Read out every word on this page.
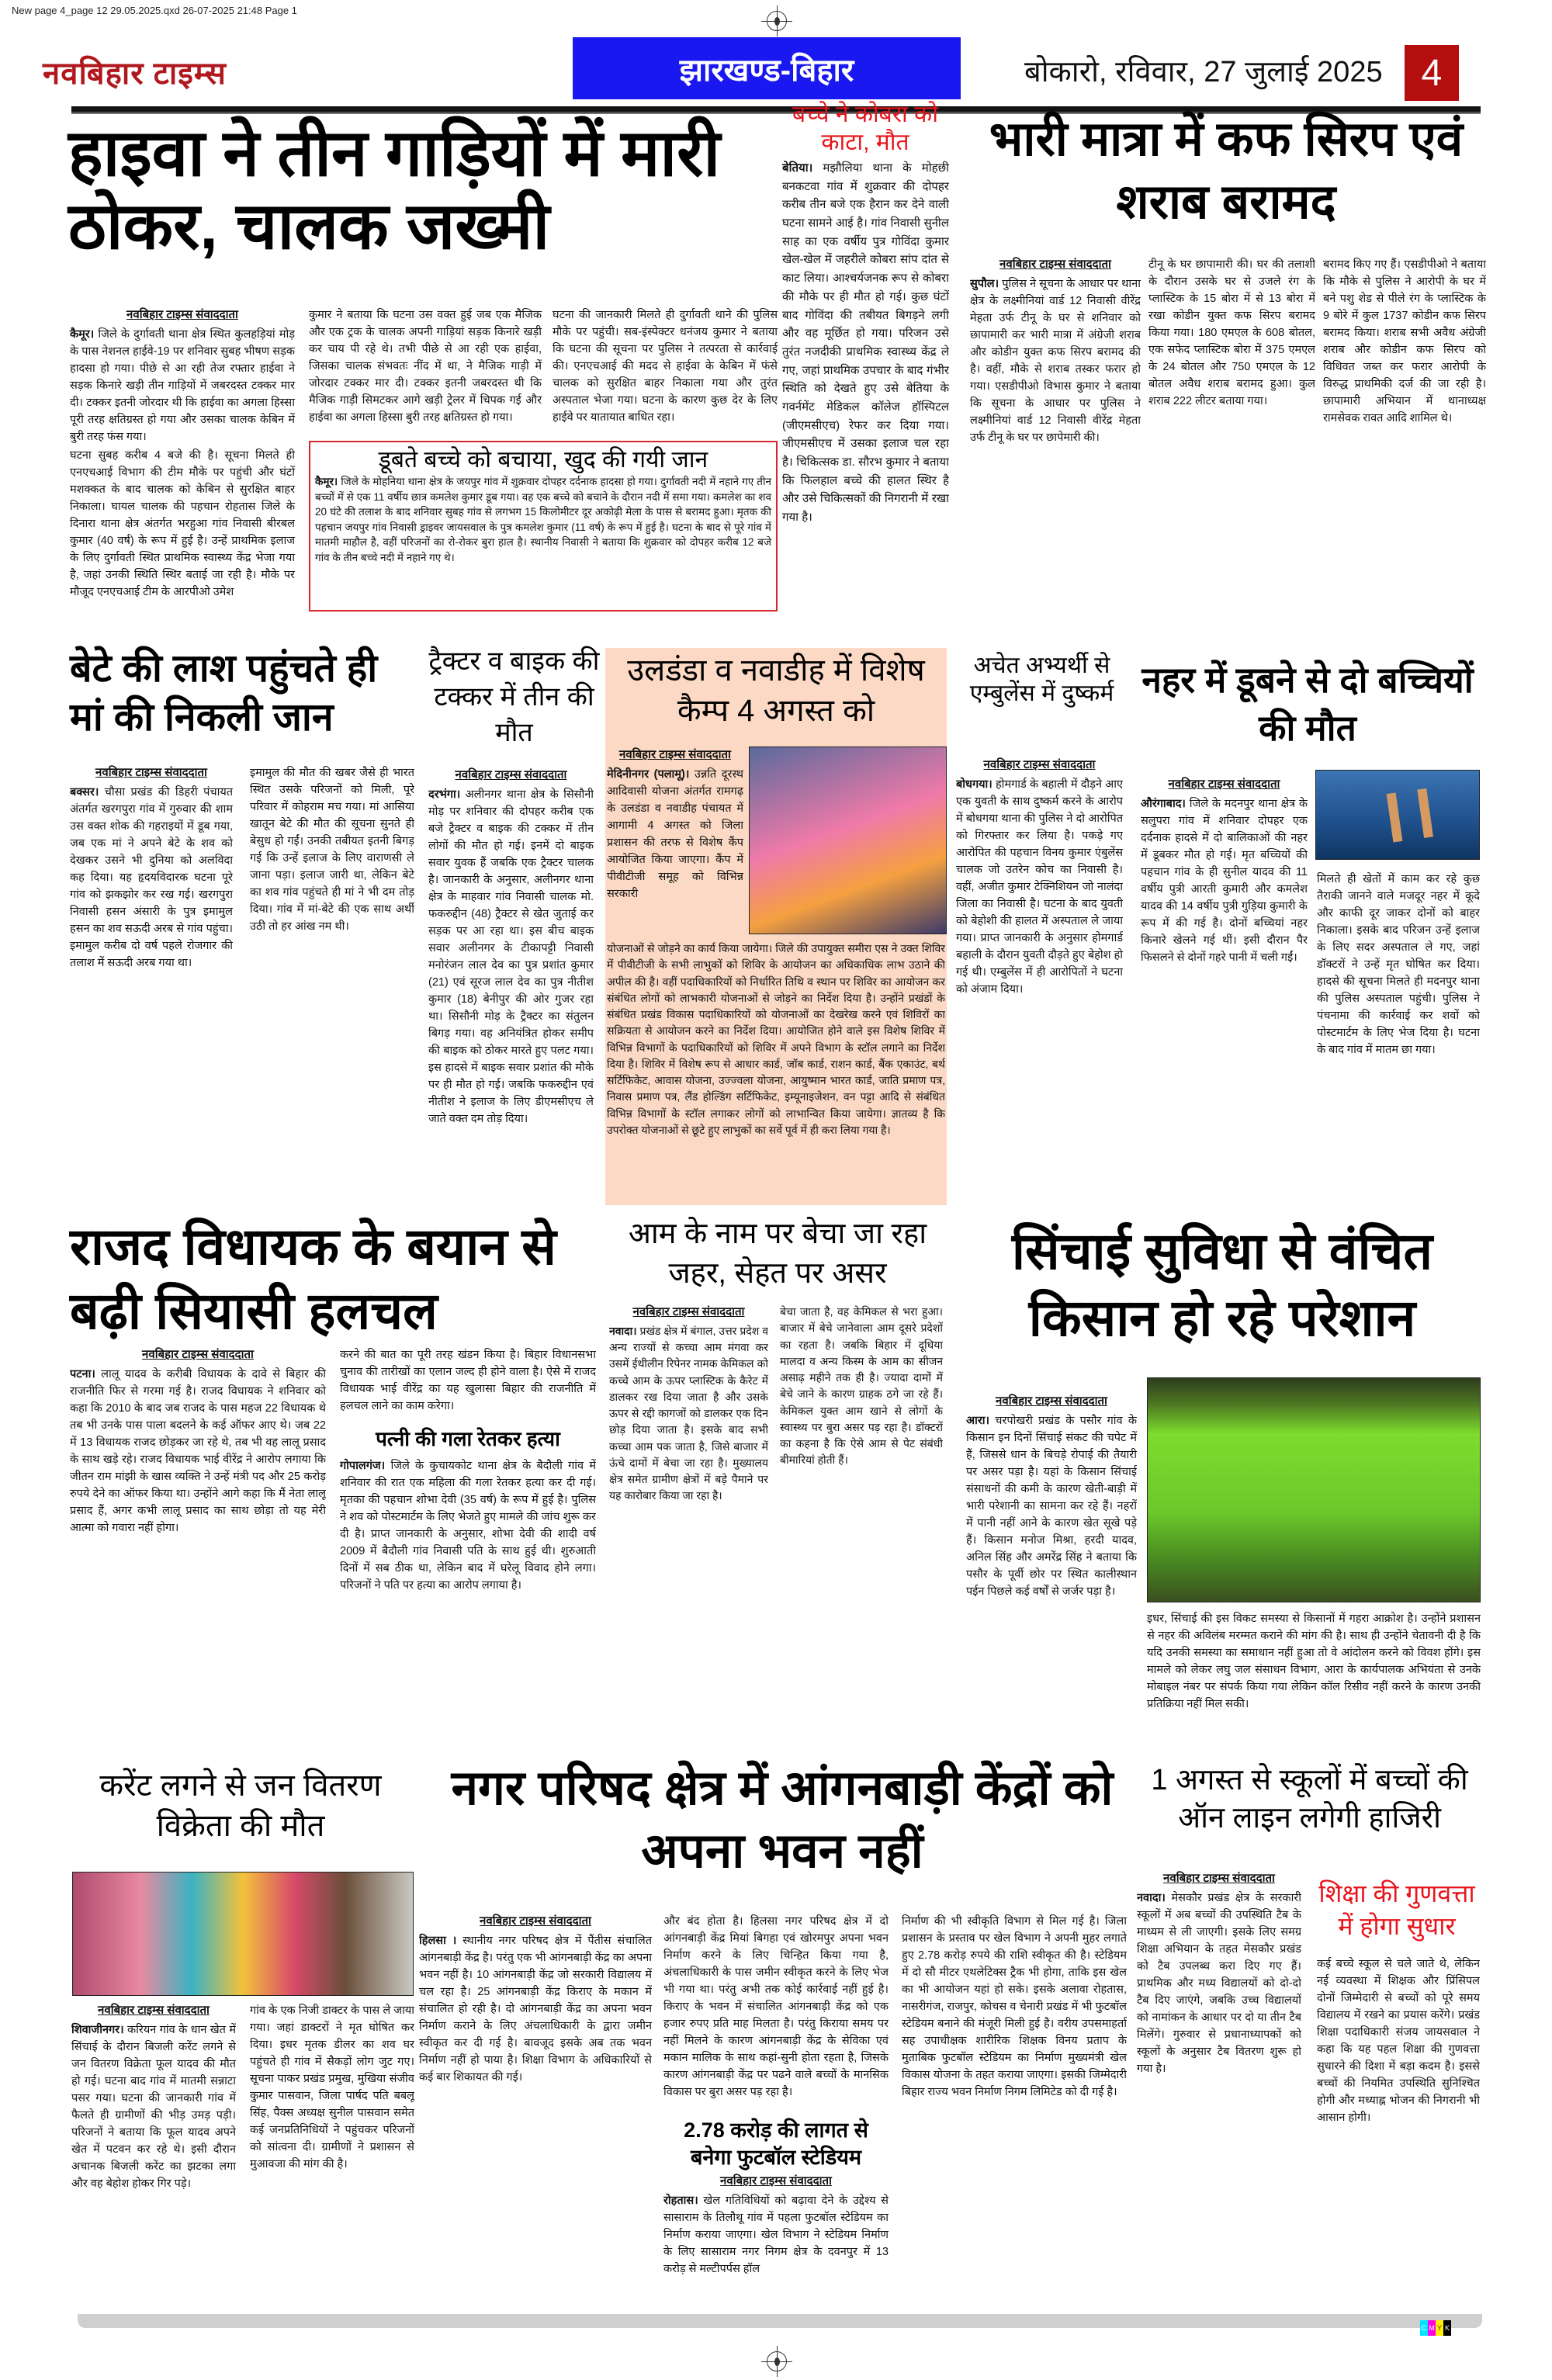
New page 4_page 12 29.05.2025.qxd 26-07-2025 21:48 Page 1
नवबिहार टाइम्स	झारखण्ड-बिहार	बोकारो, रविवार, 27 जुलाई 2025	4
हाइवा ने तीन गाड़ियों में मारी ठोकर, चालक जख्मी
नवबिहार टाइम्स संवाददाता

कैमूर। जिले के दुर्गावती थाना क्षेत्र स्थित कुलहड़ियां मोड़ के पास नेशनल हाईवे-19 पर शनिवार सुबह भीषण सड़क हादसा हो गया। पीछे से आ रही तेज रफ्तार हाईवा ने सड़क किनारे खड़ी तीन गाड़ियों में जबरदस्त टक्कर मार दी। टक्कर इतनी जोरदार थी कि हाईवा का अगला हिस्सा पूरी तरह क्षतिग्रस्त हो गया और उसका चालक केबिन में बुरी तरह फंस गया।

घटना सुबह करीब 4 बजे की है। सूचना मिलते ही एनएचआई विभाग की टीम मौके पर पहुंची और घंटों मशक्कत के बाद चालक को केबिन से सुरक्षित बाहर निकाला। घायल चालक की पहचान रोहतास जिले के दिनारा थाना क्षेत्र अंतर्गत भरहुआ गांव निवासी बीरबल कुमार (40 वर्ष) के रूप में हुई है। उन्हें प्राथमिक इलाज के लिए दुर्गावती स्थित प्राथमिक स्वास्थ्य केंद्र भेजा गया है, जहां उनकी स्थिति स्थिर बताई जा रही है। मौके पर मौजूद एनएचआई टीम के आरपीओ उमेश

कुमार ने बताया कि घटना उस वक्त हुई जब एक मैजिक और एक ट्रक के चालक अपनी गाड़ियां सड़क किनारे खड़ी कर चाय पी रहे थे। तभी पीछे से आ रही एक हाईवा, जिसका चालक संभवतः नींद में था, ने मैजिक गाड़ी में जोरदार टक्कर मार दी। टक्कर इतनी जबरदस्त थी कि मैजिक गाड़ी सिमटकर आगे खड़ी ट्रेलर में चिपक गई और हाईवा का अगला हिस्सा बुरी तरह क्षतिग्रस्त हो गया।
घटना की जानकारी मिलते ही दुर्गावती थाने की पुलिस मौके पर पहुंची। सब-इंस्पेक्टर धनंजय कुमार ने बताया कि घटना की सूचना पर पुलिस ने तत्परता से कार्रवाई की। एनएचआई की मदद से हाईवा के केबिन में फंसे चालक को सुरक्षित बाहर निकाला गया और तुरंत अस्पताल भेजा गया। घटना के कारण कुछ देर के लिए हाईवे पर यातायात बाधित रहा।
डूबते बच्चे को बचाया, खुद की गयी जान
कैमूर। जिले के मोहनिया थाना क्षेत्र के जयपुर गांव में शुक्रवार दोपहर दर्दनाक हादसा हो गया। दुर्गावती नदी में नहाने गए तीन बच्चों में से एक 11 वर्षीय छात्र कमलेश कुमार डूब गया। वह एक बच्चे को बचाने के दौरान नदी में समा गया। कमलेश का शव 20 घंटे की तलाश के बाद शनिवार सुबह गांव से लगभग 15 किलोमीटर दूर अकोढ़ी मेला के पास से बरामद हुआ। मृतक की पहचान जयपुर गांव निवासी ड्राइवर जायसवाल के पुत्र कमलेश कुमार (11 वर्ष) के रूप में हुई है। घटना के बाद से पूरे गांव में मातमी माहौल है, वहीं परिजनों का रो-रोकर बुरा हाल है। स्थानीय निवासी ने बताया कि शुक्रवार को दोपहर करीब 12 बजे गांव के तीन बच्चे नदी में नहाने गए थे।
बच्चे ने कोबरा को काटा, मौत
बेतिया। मझौलिया थाना के मोहछी बनकटवा गांव में शुक्रवार की दोपहर करीब तीन बजे एक हैरान कर देने वाली घटना सामने आई है। गांव निवासी सुनील साह का एक वर्षीय पुत्र गोविंदा कुमार खेल-खेल में जहरीले कोबरा सांप दांत से काट लिया। आश्चर्यजनक रूप से कोबरा की मौके पर ही मौत हो गई। कुछ घंटों बाद गोविंदा की तबीयत बिगड़ने लगी और वह मूर्छित हो गया। परिजन उसे तुरंत नजदीकी प्राथमिक स्वास्थ्य केंद्र ले गए, जहां प्राथमिक उपचार के बाद गंभीर स्थिति को देखते हुए उसे बेतिया के गवर्नमेंट मेडिकल कॉलेज हॉस्पिटल (जीएमसीएच) रेफर कर दिया गया। जीएमसीएच में उसका इलाज चल रहा है। चिकित्सक डा. सौरभ कुमार ने बताया कि फिलहाल बच्चे की हालत स्थिर है और उसे चिकित्सकों की निगरानी में रखा गया है।
भारी मात्रा में कफ सिरप एवं शराब बरामद
नवबिहार टाइम्स संवाददाता
सुपौल। पुलिस ने सूचना के आधार पर थाना क्षेत्र के लक्ष्मीनियां वार्ड 12 निवासी वीरेंद्र मेहता उर्फ टीनू के घर से शनिवार को छापामारी कर भारी मात्रा में अंग्रेजी शराब और कोडीन युक्त कफ सिरप बरामद की है। वहीं, मौके से शराब तस्कर फरार हो गया। एसडीपीओ विभास कुमार ने बताया कि सूचना के आधार पर पुलिस ने लक्ष्मीनियां वार्ड 12 निवासी वीरेंद्र मेहता उर्फ टीनू के घर पर छापेमारी की।
टीनू के घर छापामारी की। घर की तलाशी के दौरान उसके घर से उजले रंग के प्लास्टिक के 15 बोरा में से 13 बोरा में रखा कोडीन युक्त कफ सिरप बरामद किया गया। 180 एमएल के 608 बोतल, एक सफेद प्लास्टिक बोरा में 375 एमएल के 24 बोतल और 750 एमएल के 12 बोतल अवैध शराब बरामद हुआ। कुल शराब 222 लीटर बताया गया।
बरामद किए गए हैं। एसडीपीओ ने बताया कि मौके से पुलिस ने आरोपी के घर में बने पशु शेड से पीले रंग के प्लास्टिक के 9 बोरे में कुल 1737 कोडीन कफ सिरप बरामद किया। शराब सभी अवैध अंग्रेजी शराब और कोडीन कफ सिरप को विधिवत जब्त कर फरार आरोपी के विरुद्ध प्राथमिकी दर्ज की जा रही है। छापामारी अभियान में थानाध्यक्ष रामसेवक रावत आदि शामिल थे।
बेटे की लाश पहुंचते ही मां की निकली जान
नवबिहार टाइम्स संवाददाता
बक्सर। चौसा प्रखंड की डिहरी पंचायत अंतर्गत खरगपुरा गांव में गुरुवार की शाम उस वक्त शोक की गहराइयों में डूब गया, जब एक मां ने अपने बेटे के शव को देखकर उसने भी दुनिया को अलविदा कह दिया। यह हृदयविदारक घटना पूरे गांव को झकझोर कर रख गई। खरगपुरा निवासी हसन अंसारी के पुत्र इमामुल हसन का शव सऊदी अरब से गांव पहुंचा। इमामुल करीब दो वर्ष पहले रोजगार की तलाश में सऊदी अरब गया था।
इमामुल की मौत की खबर जैसे ही भारत स्थित उसके परिजनों को मिली, पूरे परिवार में कोहराम मच गया। मां आसिया खातून बेटे की मौत की सूचना सुनते ही बेसुध हो गईं। उनकी तबीयत इतनी बिगड़ गई कि उन्हें इलाज के लिए वाराणसी ले जाना पड़ा। इलाज जारी था, लेकिन बेटे का शव गांव पहुंचते ही मां ने भी दम तोड़ दिया। गांव में मां-बेटे की एक साथ अर्थी उठी तो हर आंख नम थी।
ट्रैक्टर व बाइक की टक्कर में तीन की मौत
नवबिहार टाइम्स संवाददाता
दरभंगा। अलीनगर थाना क्षेत्र के सिसौनी मोड़ पर शनिवार की दोपहर करीब एक बजे ट्रैक्टर व बाइक की टक्कर में तीन लोगों की मौत हो गई। इनमें दो बाइक सवार युवक हैं जबकि एक ट्रैक्टर चालक है। जानकारी के अनुसार, अलीनगर थाना क्षेत्र के माहवार गांव निवासी चालक मो. फकरुद्दीन (48) ट्रैक्टर से खेत जुताई कर सड़क पर आ रहा था। इस बीच बाइक सवार अलीनगर के टीकापट्टी निवासी मनोरंजन लाल देव का पुत्र प्रशांत कुमार (21) एवं सूरज लाल देव का पुत्र नीतीश कुमार (18) बेनीपुर की ओर गुजर रहा था। सिसौनी मोड़ के ट्रैक्टर का संतुलन बिगड़ गया। वह अनियंत्रित होकर समीप की बाइक को ठोकर मारते हुए पलट गया। इस हादसे में बाइक सवार प्रशांत की मौके पर ही मौत हो गई। जबकि फकरुद्दीन एवं नीतीश ने इलाज के लिए डीएमसीएच ले जाते वक्त दम तोड़ दिया।
उलडंडा व नवाडीह में विशेष कैम्प 4 अगस्त को
नवबिहार टाइम्स संवाददाता
मेदिनीनगर (पलामू)। उन्नति दूरस्थ आदिवासी योजना अंतर्गत रामगढ़ के उलडंडा व नवाडीह पंचायत में आगामी 4 अगस्त को जिला प्रशासन की तरफ से विशेष कैंप आयोजित किया जाएगा। कैंप में पीवीटीजी समूह को विभिन्न सरकारी
योजनाओं से जोड़ने का कार्य किया जायेगा। जिले की उपायुक्त समीरा एस ने उक्त शिविर में पीवीटीजी के सभी लाभुकों को शिविर के आयोजन का अधिकाधिक लाभ उठाने की अपील की है। वहीं पदाधिकारियों को निर्धारित तिथि व स्थान पर शिविर का आयोजन कर संबंधित लोगों को लाभकारी योजनाओं से जोड़ने का निर्देश दिया है। उन्होंने प्रखंडों के संबंधित प्रखंड विकास पदाधिकारियों को योजनाओं का देखरेख करने एवं शिविरों का सक्रियता से आयोजन करने का निर्देश दिया। आयोजित होने वाले इस विशेष शिविर में विभिन्न विभागों के पदाधिकारियों को शिविर में अपने विभाग के स्टॉल लगाने का निर्देश दिया है। शिविर में विशेष रूप से आधार कार्ड, जॉब कार्ड, राशन कार्ड, बैंक एकाउंट, बर्थ सर्टिफिकेट, आवास योजना, उज्ज्वला योजना, आयुष्मान भारत कार्ड, जाति प्रमाण पत्र, निवास प्रमाण पत्र, लैंड होल्डिंग सर्टिफिकेट, इम्यूनाइजेशन, वन पट्टा आदि से संबंधित विभिन्न विभागों के स्टॉल लगाकर लोगों को लाभान्वित किया जायेगा। ज्ञातव्य है कि उपरोक्त योजनाओं से छूटे हुए लाभुकों का सर्वे पूर्व में ही करा लिया गया है।
अचेत अभ्यर्थी से एम्बुलेंस में दुष्कर्म
नवबिहार टाइम्स संवाददाता
बोधगया। होमगार्ड के बहाली में दौड़ने आए एक युवती के साथ दुष्कर्म करने के आरोप में बोधगया थाना की पुलिस ने दो आरोपित को गिरफ्तार कर लिया है। पकड़े गए आरोपित की पहचान विनय कुमार एंबुलेंस चालक जो उतरेन कोच का निवासी है। वहीं, अजीत कुमार टेक्निशियन जो नालंदा जिला का निवासी है। घटना के बाद युवती को बेहोशी की हालत में अस्पताल ले जाया गया। प्राप्त जानकारी के अनुसार होमगार्ड बहाली के दौरान युवती दौड़ते हुए बेहोश हो गई थी। एम्बुलेंस में ही आरोपितों ने घटना को अंजाम दिया।
नहर में डूबने से दो बच्चियों की मौत
नवबिहार टाइम्स संवाददाता
औरंगाबाद। जिले के मदनपुर थाना क्षेत्र के सलुपरा गांव में शनिवार दोपहर एक दर्दनाक हादसे में दो बालिकाओं की नहर में डूबकर मौत हो गई। मृत बच्चियों की पहचान गांव के ही सुनील यादव की 11 वर्षीय पुत्री आरती कुमारी और कमलेश यादव की 14 वर्षीय पुत्री गुड़िया कुमारी के रूप में की गई है। दोनों बच्चियां नहर किनारे खेलने गई थीं। इसी दौरान पैर फिसलने से दोनों गहरे पानी में चली गईं।
मिलते ही खेतों में काम कर रहे कुछ तैराकी जानने वाले मजदूर नहर में कूदे और काफी दूर जाकर दोनों को बाहर निकाला। इसके बाद परिजन उन्हें इलाज के लिए सदर अस्पताल ले गए, जहां डॉक्टरों ने उन्हें मृत घोषित कर दिया। हादसे की सूचना मिलते ही मदनपुर थाना की पुलिस अस्पताल पहुंची। पुलिस ने पंचनामा की कार्रवाई कर शवों को पोस्टमार्टम के लिए भेज दिया है। घटना के बाद गांव में मातम छा गया।
राजद विधायक के बयान से बढ़ी सियासी हलचल
नवबिहार टाइम्स संवाददाता
पटना। लालू यादव के करीबी विधायक के दावे से बिहार की राजनीति फिर से गरमा गई है। राजद विधायक ने शनिवार को कहा कि 2010 के बाद जब राजद के पास महज 22 विधायक थे तब भी उनके पास पाला बदलने के कई ऑफर आए थे। जब 22 में 13 विधायक राजद छोड़कर जा रहे थे, तब भी वह लालू प्रसाद के साथ खड़े रहे। राजद विधायक भाई वीरेंद्र ने आरोप लगाया कि जीतन राम मांझी के खास व्यक्ति ने उन्हें मंत्री पद और 25 करोड़ रुपये देने का ऑफर किया था। उन्होंने आगे कहा कि मैं नेता लालू प्रसाद हैं, अगर कभी लालू प्रसाद का साथ छोड़ा तो यह मेरी आत्मा को गवारा नहीं होगा।
करने की बात का पूरी तरह खंडन किया है। बिहार विधानसभा चुनाव की तारीखों का एलान जल्द ही होने वाला है। ऐसे में राजद विधायक भाई वीरेंद्र का यह खुलासा बिहार की राजनीति में हलचल लाने का काम करेगा।
पत्नी की गला रेतकर हत्या
गोपालगंज। जिले के कुचायकोट थाना क्षेत्र के बैदौली गांव में शनिवार की रात एक महिला की गला रेतकर हत्या कर दी गई। मृतका की पहचान शोभा देवी (35 वर्ष) के रूप में हुई है। पुलिस ने शव को पोस्टमार्टम के लिए भेजते हुए मामले की जांच शुरू कर दी है। प्राप्त जानकारी के अनुसार, शोभा देवी की शादी वर्ष 2009 में बैदौली गांव निवासी पति के साथ हुई थी। शुरुआती दिनों में सब ठीक था, लेकिन बाद में घरेलू विवाद होने लगा। परिजनों ने पति पर हत्या का आरोप लगाया है।
आम के नाम पर बेचा जा रहा जहर, सेहत पर असर
नवबिहार टाइम्स संवाददाता
नवादा। प्रखंड क्षेत्र में बंगाल, उत्तर प्रदेश व अन्य राज्यों से कच्चा आम मंगवा कर उसमें ईथीलीन रिपेनर नामक केमिकल को कच्चे आम के ऊपर प्लास्टिक के कैरेट में डालकर रख दिया जाता है और उसके ऊपर से रद्दी कागजों को डालकर एक दिन छोड़ दिया जाता है। इसके बाद सभी कच्चा आम पक जाता है, जिसे बाजार में ऊंचे दामों में बेचा जा रहा है। मुख्यालय क्षेत्र समेत ग्रामीण क्षेत्रों में बड़े पैमाने पर यह कारोबार किया जा रहा है।
बेचा जाता है, वह केमिकल से भरा हुआ। बाजार में बेचे जानेवाला आम दूसरे प्रदेशों का रहता है। जबकि बिहार में दूधिया मालदा व अन्य किस्म के आम का सीजन असाढ़ महीने तक ही है। ज्यादा दामों में बेचे जाने के कारण ग्राहक ठगे जा रहे हैं। केमिकल युक्त आम खाने से लोगों के स्वास्थ्य पर बुरा असर पड़ रहा है। डॉक्टरों का कहना है कि ऐसे आम से पेट संबंधी बीमारियां होती हैं।
सिंचाई सुविधा से वंचित किसान हो रहे परेशान
नवबिहार टाइम्स संवाददाता
आरा। चरपोखरी प्रखंड के पसौर गांव के किसान इन दिनों सिंचाई संकट की चपेट में हैं, जिससे धान के बिचड़े रोपाई की तैयारी पर असर पड़ा है। यहां के किसान सिंचाई संसाधनों की कमी के कारण खेती-बाड़ी में भारी परेशानी का सामना कर रहे हैं। नहरों में पानी नहीं आने के कारण खेत सूखे पड़े हैं। किसान मनोज मिश्रा, हरदी यादव, अनिल सिंह और अमरेंद्र सिंह ने बताया कि पसौर के पूर्वी छोर पर स्थित कालीस्थान पईन पिछले कई वर्षों से जर्जर पड़ा है।
इधर, सिंचाई की इस विकट समस्या से किसानों में गहरा आक्रोश है। उन्होंने प्रशासन से नहर की अविलंब मरम्मत कराने की मांग की है। साथ ही उन्होंने चेतावनी दी है कि यदि उनकी समस्या का समाधान नहीं हुआ तो वे आंदोलन करने को विवश होंगे। इस मामले को लेकर लघु जल संसाधन विभाग, आरा के कार्यपालक अभियंता से उनके मोबाइल नंबर पर संपर्क किया गया लेकिन कॉल रिसीव नहीं करने के कारण उनकी प्रतिक्रिया नहीं मिल सकी।
करेंट लगने से जन वितरण विक्रेता की मौत
नवबिहार टाइम्स संवाददाता
शिवाजीनगर। करियन गांव के धान खेत में सिंचाई के दौरान बिजली करेंट लगने से जन वितरण विक्रेता फूल यादव की मौत हो गई। घटना बाद गांव में मातमी सन्नाटा पसर गया। घटना की जानकारी गांव में फैलते ही ग्रामीणों की भीड़ उमड़ पड़ी। परिजनों ने बताया कि फूल यादव अपने खेत में पटवन कर रहे थे। इसी दौरान अचानक बिजली करेंट का झटका लगा और वह बेहोश होकर गिर पड़े।
गांव के एक निजी डाक्टर के पास ले जाया गया। जहां डाक्टरों ने मृत घोषित कर दिया। इधर मृतक डीलर का शव घर पहुंचते ही गांव में सैकड़ों लोग जुट गए। सूचना पाकर प्रखंड प्रमुख, मुखिया संजीव कुमार पासवान, जिला पार्षद पति बबलू सिंह, पैक्स अध्यक्ष सुनील पासवान समेत कई जनप्रतिनिधियों ने पहुंचकर परिजनों को सांत्वना दी। ग्रामीणों ने प्रशासन से मुआवजा की मांग की है।
नगर परिषद क्षेत्र में आंगनबाड़ी केंद्रों को अपना भवन नहीं
नवबिहार टाइम्स संवाददाता
हिलसा । स्थानीय नगर परिषद क्षेत्र में पैंतीस संचालित आंगनबाड़ी केंद्र है। परंतु एक भी आंगनबाड़ी केंद्र का अपना भवन नहीं है। 10 आंगनबाड़ी केंद्र जो सरकारी विद्यालय में चल रहा है। 25 आंगनबाड़ी केंद्र किराए के मकान में संचालित हो रही है। दो आंगनबाड़ी केंद्र का अपना भवन निर्माण कराने के लिए अंचलाधिकारी के द्वारा जमीन स्वीकृत कर दी गई है। बावजूद इसके अब तक भवन निर्माण नहीं हो पाया है। शिक्षा विभाग के अधिकारियों से कई बार शिकायत की गई।
और बंद होता है। हिलसा नगर परिषद क्षेत्र में दो आंगनबाड़ी केंद्र मियां बिगहा एवं खोरमपुर अपना भवन निर्माण करने के लिए चिन्हित किया गया है, अंचलाधिकारी के पास जमीन स्वीकृत करने के लिए भेज भी गया था। परंतु अभी तक कोई कार्रवाई नहीं हुई है। किराए के भवन में संचालित आंगनबाड़ी केंद्र को एक हजार रुपए प्रति माह मिलता है। परंतु किराया समय पर नहीं मिलने के कारण आंगनबाड़ी केंद्र के सेविका एवं मकान मालिक के साथ कहां-सुनी होता रहता है, जिसके कारण आंगनबाड़ी केंद्र पर पढने वाले बच्चों के मानसिक विकास पर बुरा असर पड़ रहा है।
2.78 करोड़ की लागत से बनेगा फुटबॉल स्टेडियम
नवबिहार टाइम्स संवाददाता
रोहतास। खेल गतिविधियों को बढ़ावा देने के उद्देश्य से सासाराम के तिलौथू गांव में पहला फुटबॉल स्टेडियम का निर्माण कराया जाएगा। खेल विभाग ने स्टेडियम निर्माण के लिए सासाराम नगर निगम क्षेत्र के दवनपुर में 13 करोड़ से मल्टीपर्पस हॉल
निर्माण की भी स्वीकृति विभाग से मिल गई है। जिला प्रशासन के प्रस्ताव पर खेल विभाग ने अपनी मुहर लगाते हुए 2.78 करोड़ रुपये की राशि स्वीकृत की है। स्टेडियम में दो सौ मीटर एथलेटिक्स ट्रैक भी होगा, ताकि इस खेल का भी आयोजन यहां हो सके। इसके अलावा रोहतास, नासरीगंज, राजपुर, कोचस व चेनारी प्रखंड में भी फुटबॉल स्टेडियम बनाने की मंजूरी मिली हुई है। वरीय उपसमाहर्ता सह उपाधीक्षक शारीरिक शिक्षक विनय प्रताप के मुताबिक फुटबॉल स्टेडियम का निर्माण मुख्यमंत्री खेल विकास योजना के तहत कराया जाएगा। इसकी जिम्मेदारी बिहार राज्य भवन निर्माण निगम लिमिटेड को दी गई है।
1 अगस्त से स्कूलों में बच्चों की ऑन लाइन लगेगी हाजिरी
नवबिहार टाइम्स संवाददाता
नवादा। मेसकौर प्रखंड क्षेत्र के सरकारी स्कूलों में अब बच्चों की उपस्थिति टैब के माध्यम से ली जाएगी। इसके लिए समग्र शिक्षा अभियान के तहत मेसकौर प्रखंड को टैब उपलब्ध करा दिए गए हैं। प्राथमिक और मध्य विद्यालयों को दो-दो टैब दिए जाएंगे, जबकि उच्च विद्यालयों को नामांकन के आधार पर दो या तीन टैब मिलेंगे। गुरुवार से प्रधानाध्यापकों को स्कूलों के अनुसार टैब वितरण शुरू हो गया है।
शिक्षा की गुणवत्ता में होगा सुधार
कई बच्चे स्कूल से चले जाते थे, लेकिन नई व्यवस्था में शिक्षक और प्रिंसिपल दोनों जिम्मेदारी से बच्चों को पूरे समय विद्यालय में रखने का प्रयास करेंगे। प्रखंड शिक्षा पदाधिकारी संजय जायसवाल ने कहा कि यह पहल शिक्षा की गुणवत्ता सुधारने की दिशा में बड़ा कदम है। इससे बच्चों की नियमित उपस्थिति सुनिश्चित होगी और मध्याह्न भोजन की निगरानी भी आसान होगी।
C M Y K
